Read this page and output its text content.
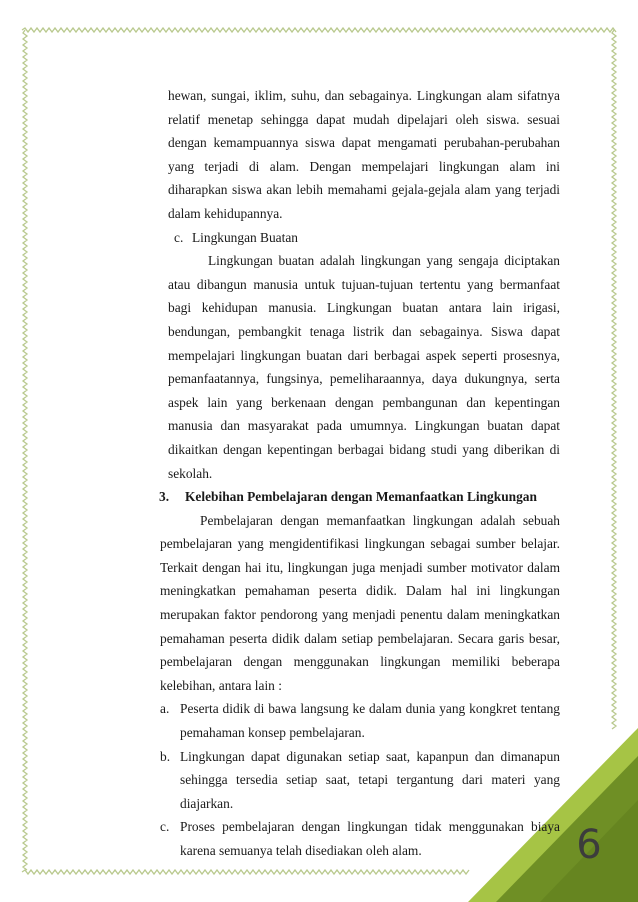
6

hewan, sungai, iklim, suhu, dan sebagainya. Lingkungan alam sifatnya relatif menetap sehingga dapat mudah dipelajari oleh siswa. sesuai dengan kemampuannya siswa dapat mengamati perubahan-perubahan yang terjadi di alam. Dengan mempelajari lingkungan alam ini diharapkan siswa akan lebih memahami gejala-gejala alam yang terjadi dalam kehidupannya.

c. Lingkungan Buatan

Lingkungan buatan adalah lingkungan yang sengaja diciptakan atau dibangun manusia untuk tujuan-tujuan tertentu yang bermanfaat bagi kehidupan manusia. Lingkungan buatan antara lain irigasi, bendungan, pembangkit tenaga listrik dan sebagainya. Siswa dapat mempelajari lingkungan buatan dari berbagai aspek seperti prosesnya, pemanfaatannya, fungsinya, pemeliharaannya, daya dukungnya, serta aspek lain yang berkenaan dengan pembangunan dan kepentingan manusia dan masyarakat pada umumnya. Lingkungan buatan dapat dikaitkan dengan kepentingan berbagai bidang studi yang diberikan di sekolah.

3.	Kelebihan Pembelajaran dengan Memanfaatkan Lingkungan

Pembelajaran dengan memanfaatkan lingkungan adalah sebuah pembelajaran yang mengidentifikasi lingkungan sebagai sumber belajar. Terkait dengan hai itu, lingkungan juga menjadi sumber motivator dalam meningkatkan pemahaman peserta didik. Dalam hal ini lingkungan merupakan faktor pendorong yang menjadi penentu dalam meningkatkan pemahaman peserta didik dalam setiap pembelajaran. Secara garis besar, pembelajaran dengan menggunakan lingkungan memiliki beberapa kelebihan, antara lain :

a. Peserta didik di bawa langsung ke dalam dunia yang kongkret tentang pemahaman konsep pembelajaran.
b. Lingkungan dapat digunakan setiap saat, kapanpun dan dimanapun sehingga tersedia setiap saat, tetapi tergantung dari materi yang diajarkan.
c. Proses pembelajaran dengan lingkungan tidak menggunakan biaya karena semuanya telah disediakan oleh alam.
